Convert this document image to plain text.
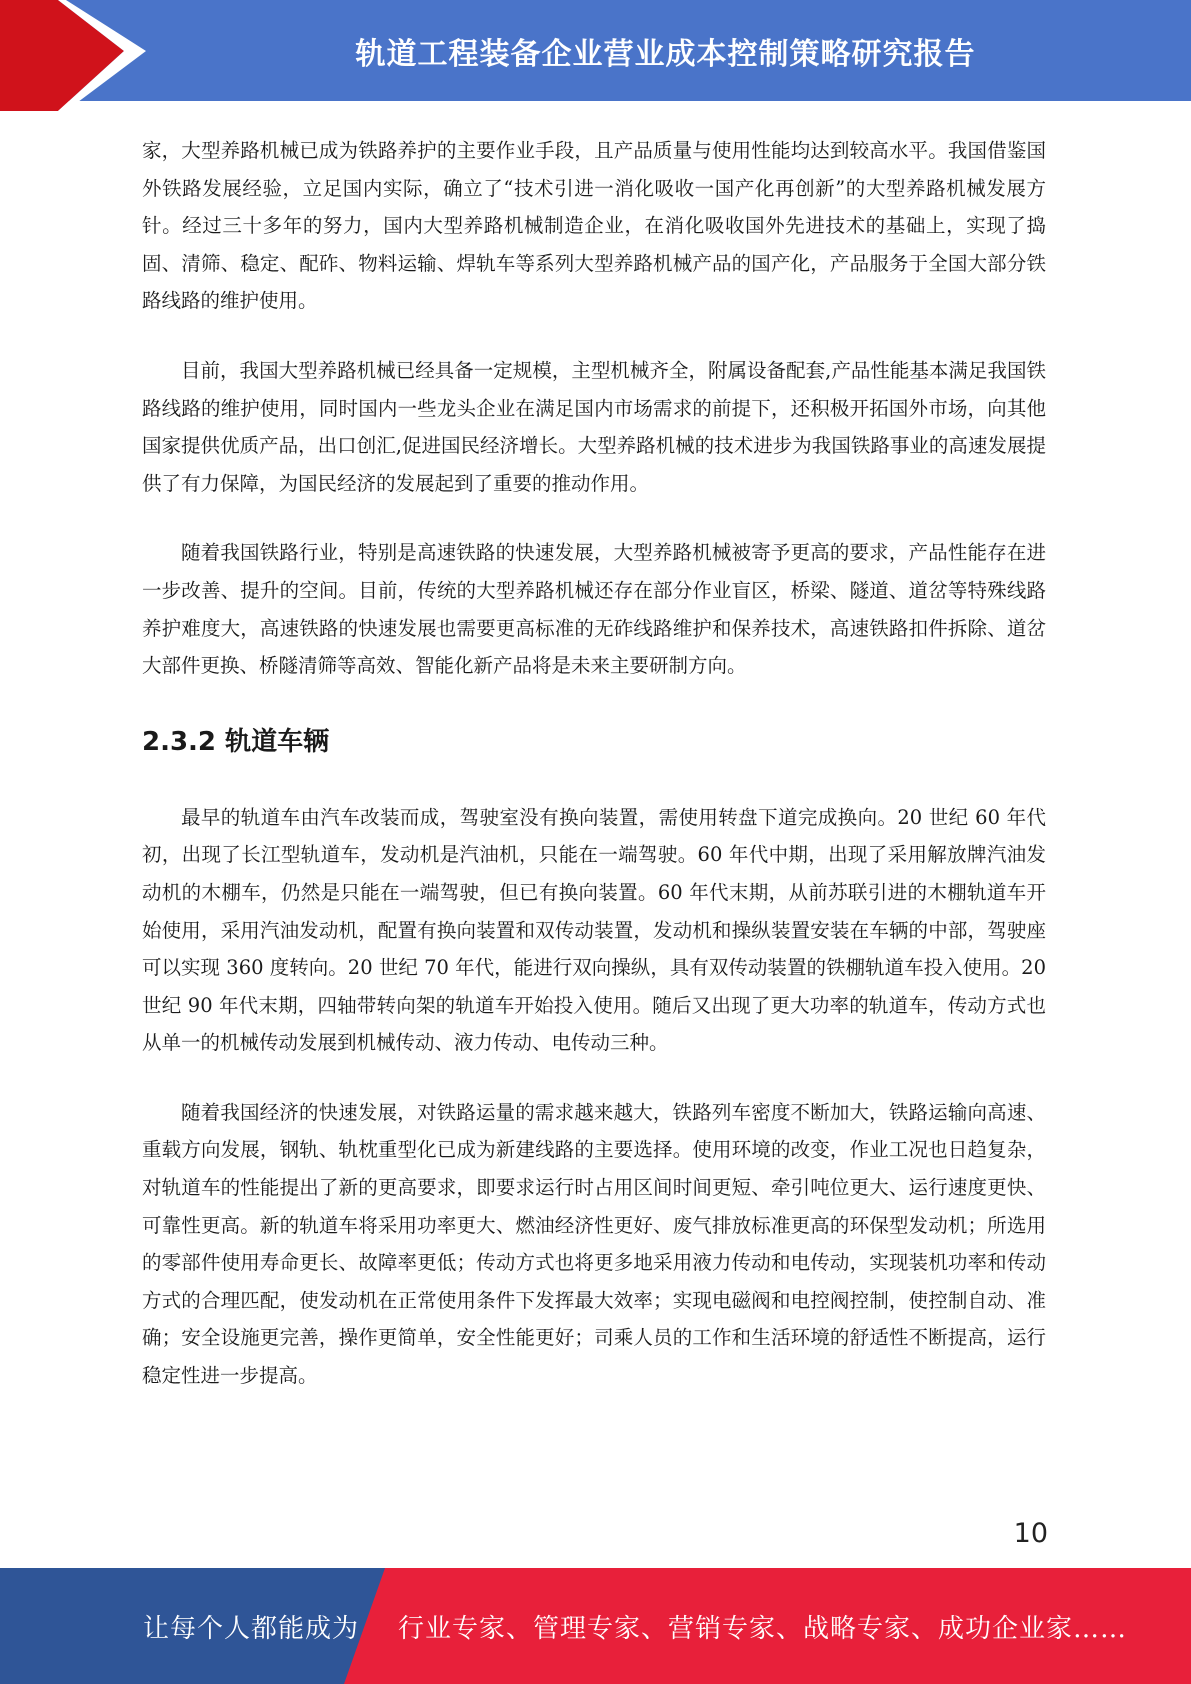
轨道工程装备企业营业成本控制策略研究报告

家，大型养路机械已成为铁路养护的主要作业手段，且产品质量与使用性能均达到较高水平。我国借鉴国外铁路发展经验，立足国内实际，确立了“技术引进一消化吸收一国产化再创新”的大型养路机械发展方针。经过三十多年的努力，国内大型养路机械制造企业，在消化吸收国外先进技术的基础上，实现了捣固、清筛、稳定、配砟、物料运输、焊轨车等系列大型养路机械产品的国产化，产品服务于全国大部分铁路线路的维护使用。

目前，我国大型养路机械已经具备一定规模，主型机械齐全，附属设备配套,产品性能基本满足我国铁路线路的维护使用，同时国内一些龙头企业在满足国内市场需求的前提下，还积极开拓国外市场，向其他国家提供优质产品，出口创汇,促进国民经济增长。大型养路机械的技术进步为我国铁路事业的高速发展提供了有力保障，为国民经济的发展起到了重要的推动作用。

随着我国铁路行业，特别是高速铁路的快速发展，大型养路机械被寄予更高的要求，产品性能存在进一步改善、提升的空间。目前，传统的大型养路机械还存在部分作业盲区，桥梁、隧道、道岔等特殊线路养护难度大，高速铁路的快速发展也需要更高标准的无砟线路维护和保养技术，高速铁路扣件拆除、道岔大部件更换、桥隧清筛等高效、智能化新产品将是未来主要研制方向。

2.3.2 轨道车辆

最早的轨道车由汽车改装而成，驾驶室没有换向装置，需使用转盘下道完成换向。20 世纪 60 年代初，出现了长江型轨道车，发动机是汽油机，只能在一端驾驶。60 年代中期，出现了采用解放牌汽油发动机的木棚车，仍然是只能在一端驾驶，但已有换向装置。60 年代末期，从前苏联引进的木棚轨道车开始使用，采用汽油发动机，配置有换向装置和双传动装置，发动机和操纵装置安装在车辆的中部，驾驶座可以实现 360 度转向。20 世纪 70 年代，能进行双向操纵，具有双传动装置的铁棚轨道车投入使用。20 世纪 90 年代末期，四轴带转向架的轨道车开始投入使用。随后又出现了更大功率的轨道车，传动方式也从单一的机械传动发展到机械传动、液力传动、电传动三种。

随着我国经济的快速发展，对铁路运量的需求越来越大，铁路列车密度不断加大，铁路运输向高速、重载方向发展，钢轨、轨枕重型化已成为新建线路的主要选择。使用环境的改变，作业工况也日趋复杂，对轨道车的性能提出了新的更高要求，即要求运行时占用区间时间更短、牵引吨位更大、运行速度更快、可靠性更高。新的轨道车将采用功率更大、燃油经济性更好、废气排放标准更高的环保型发动机；所选用的零部件使用寿命更长、故障率更低；传动方式也将更多地采用液力传动和电传动，实现装机功率和传动方式的合理匹配，使发动机在正常使用条件下发挥最大效率；实现电磁阀和电控阀控制，使控制自动、准确；安全设施更完善，操作更简单，安全性能更好；司乘人员的工作和生活环境的舒适性不断提高，运行稳定性进一步提高。

10
让每个人都能成为 行业专家、管理专家、营销专家、战略专家、成功企业家……
